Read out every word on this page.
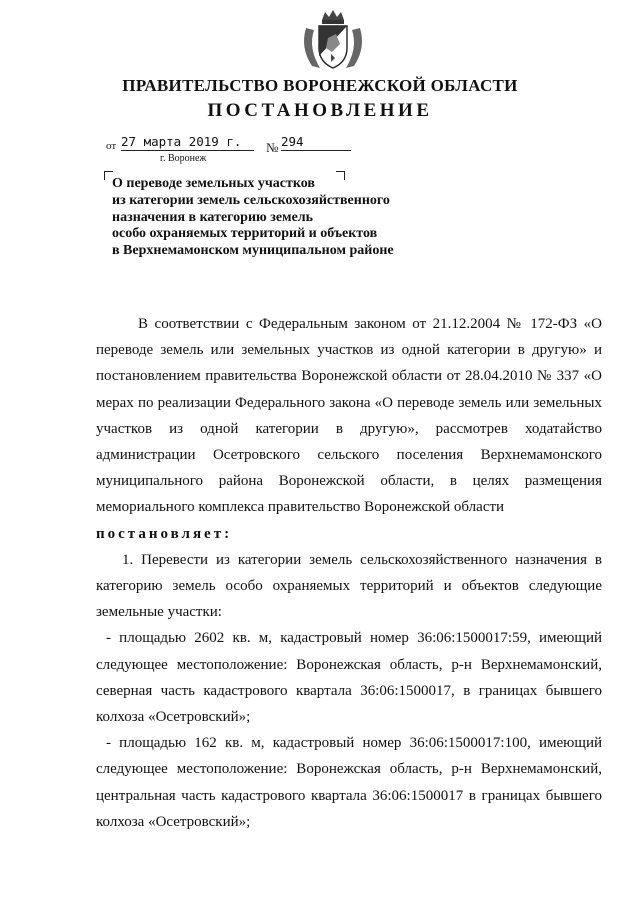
ПРАВИТЕЛЬСТВО ВОРОНЕЖСКОЙ ОБЛАСТИ
ПОСТАНОВЛЕНИЕ
от 27 марта 2019 г.	№ 294
г. Воронеж
О переводе земельных участков
из категории земель сельскохозяйственного
назначения в категорию земель
особо охраняемых территорий и объектов
в Верхнемамонском муниципальном районе

В соответствии с Федеральным законом от 21.12.2004 № 172-ФЗ «О переводе земель или земельных участков из одной категории в другую» и постановлением правительства Воронежской области от 28.04.2010 № 337 «О мерах по реализации Федерального закона «О переводе земель или земельных участков из одной категории в другую», рассмотрев ходатайство администрации Осетровского сельского поселения Верхнемамонского муниципального района Воронежской области, в целях размещения мемориального комплекса правительство Воронежской области

постановляет:

1. Перевести из категории земель сельскохозяйственного назначения в категорию земель особо охраняемых территорий и объектов следующие земельные участки:

- площадью 2602 кв. м, кадастровый номер 36:06:1500017:59, имеющий следующее местоположение: Воронежская область, р-н Верхнемамонский, северная часть кадастрового квартала 36:06:1500017, в границах бывшего колхоза «Осетровский»;

- площадью 162 кв. м, кадастровый номер 36:06:1500017:100, имеющий следующее местоположение: Воронежская область, р-н Верхнемамонский, центральная часть кадастрового квартала 36:06:1500017 в границах бывшего колхоза «Осетровский»;
